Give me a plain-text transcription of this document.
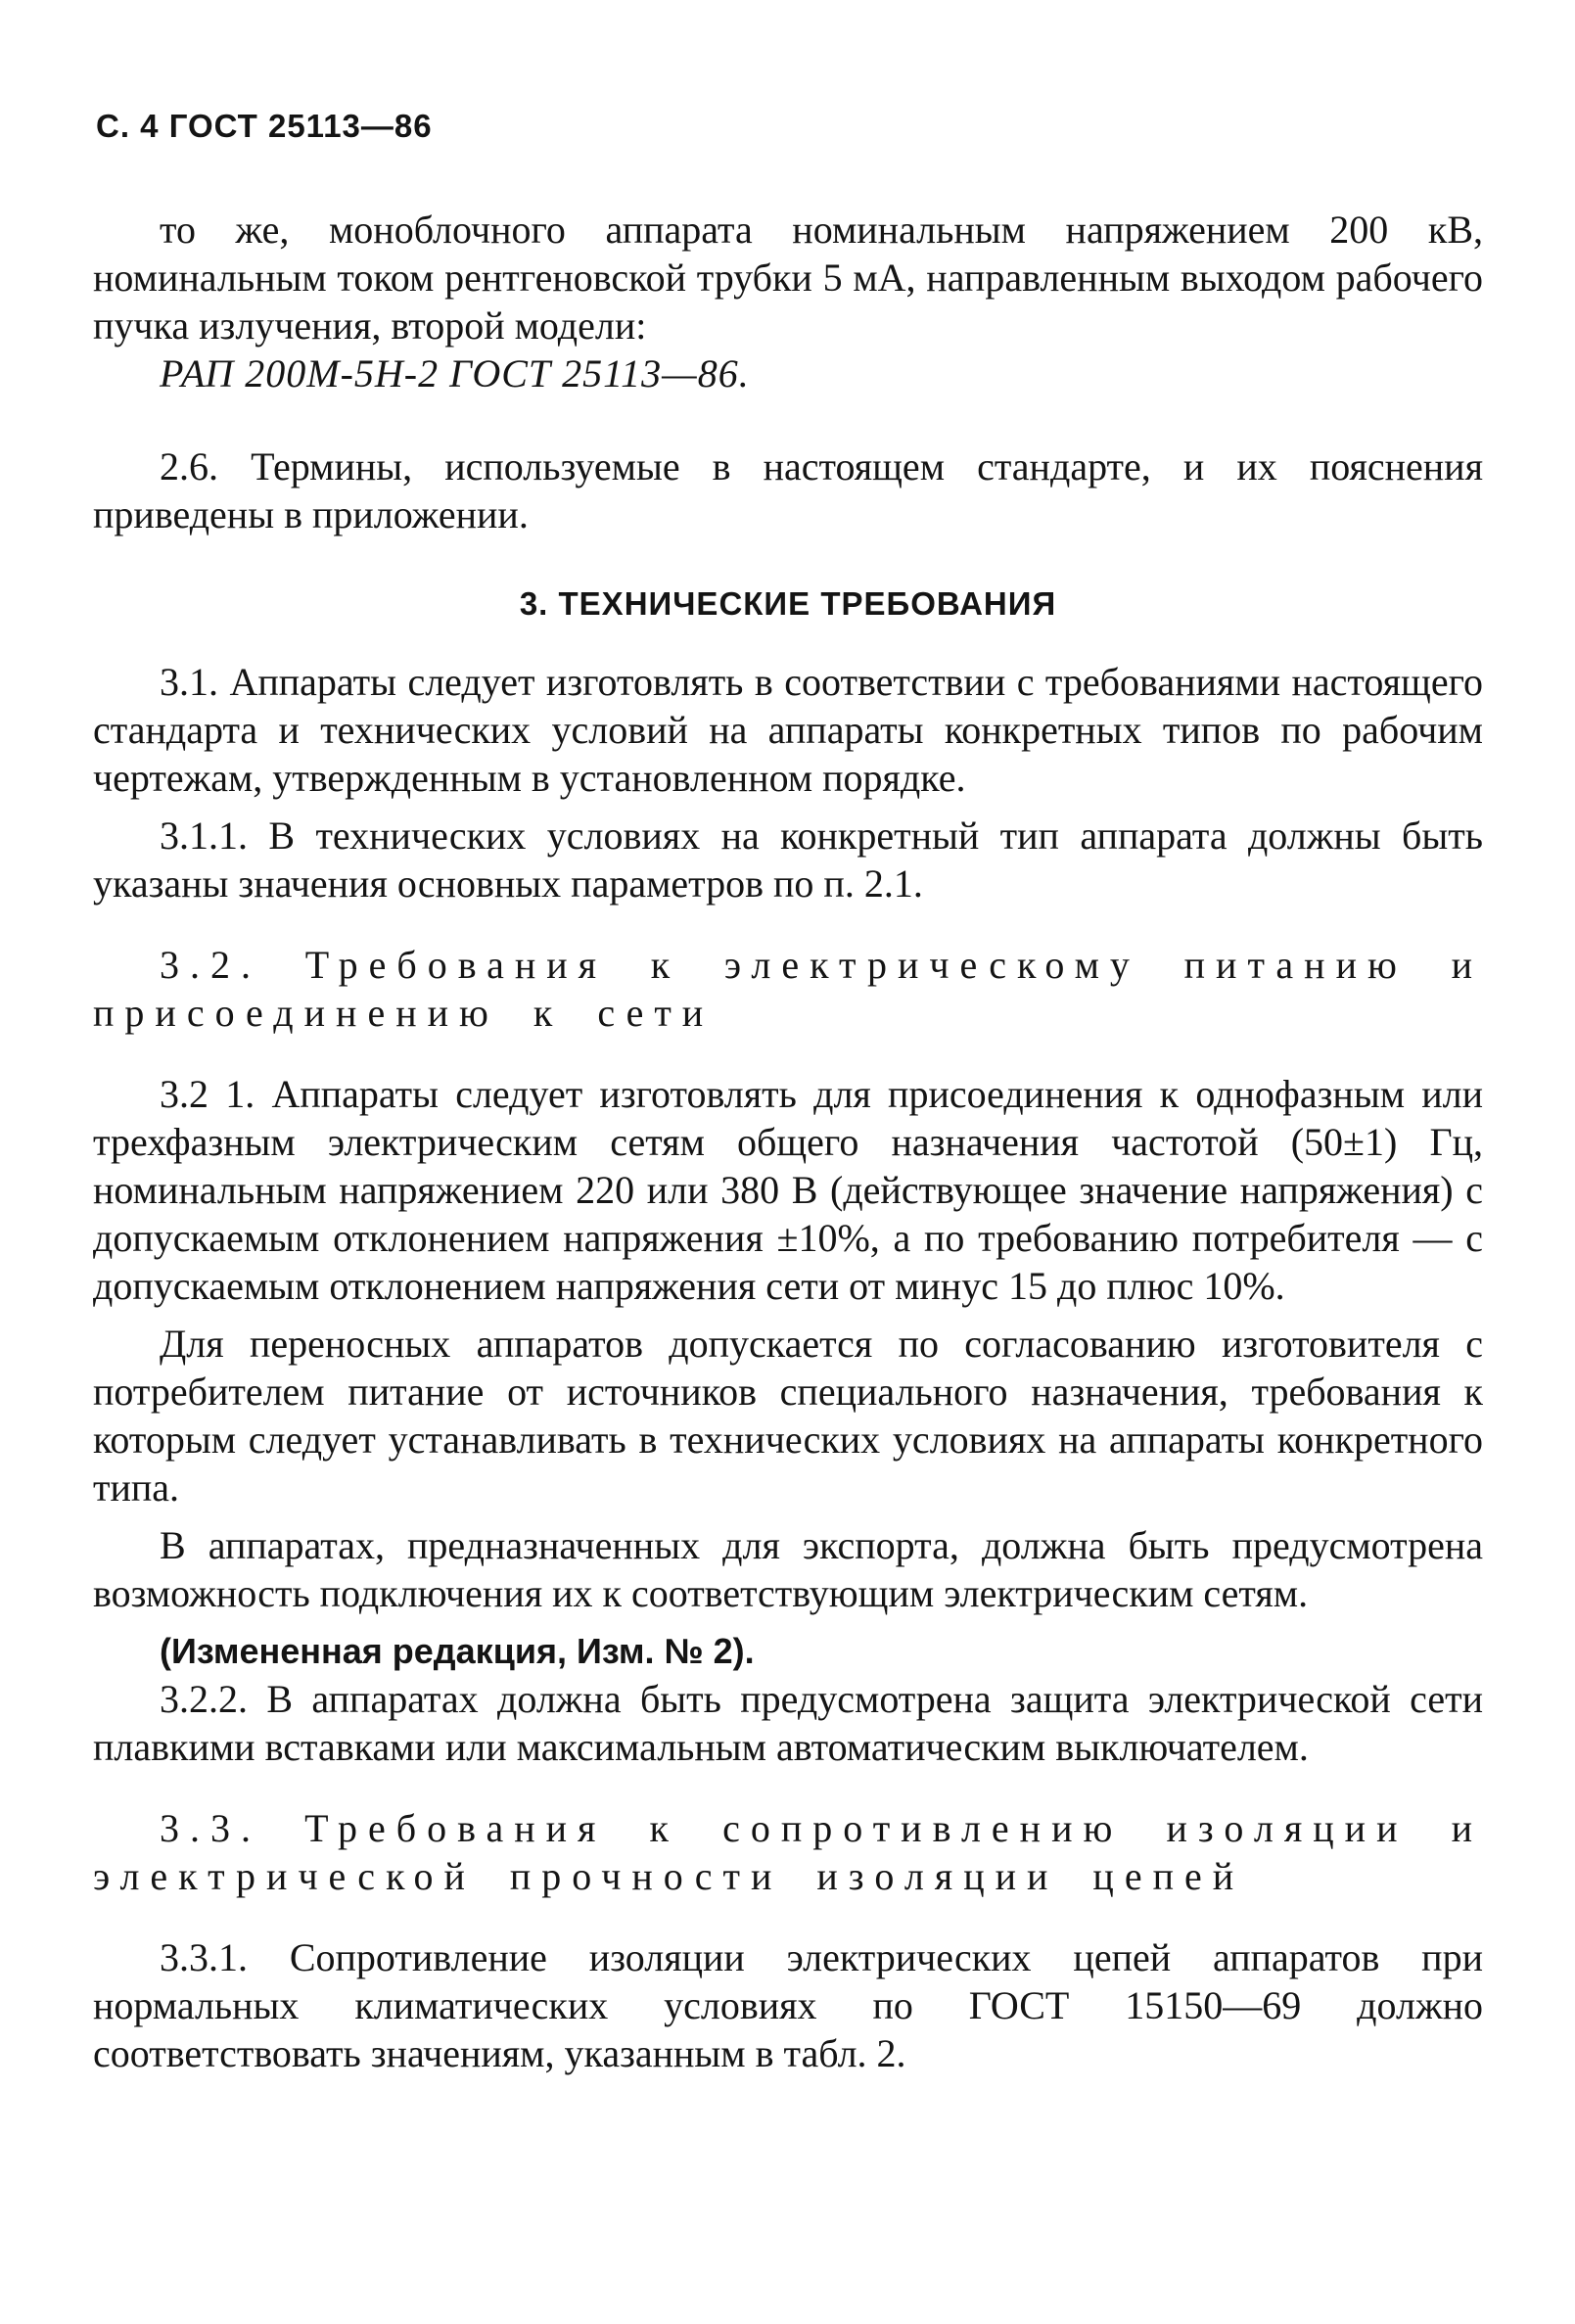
С. 4 ГОСТ 25113—86

то же, моноблочного аппарата номинальным напряжением 200 кВ, номинальным током рентгеновской трубки 5 мА, направленным выходом рабочего пучка излучения, второй модели:

РАП 200М-5Н-2 ГОСТ 25113—86.

2.6. Термины, используемые в настоящем стандарте, и их пояснения приведены в приложении.

3. ТЕХНИЧЕСКИЕ ТРЕБОВАНИЯ

3.1. Аппараты следует изготовлять в соответствии с требованиями настоящего стандарта и технических условий на аппараты конкретных типов по рабочим чертежам, утвержденным в установленном порядке.

3.1.1. В технических условиях на конкретный тип аппарата должны быть указаны значения основных параметров по п. 2.1.

3.2. Требования к электрическому питанию и присоединению к сети

3.2 1. Аппараты следует изготовлять для присоединения к однофазным или трехфазным электрическим сетям общего назначения частотой (50±1) Гц, номинальным напряжением 220 или 380 В (действующее значение напряжения) с допускаемым отклонением напряжения ±10%, а по требованию потребителя — с допускаемым отклонением напряжения сети от минус 15 до плюс 10%.

Для переносных аппаратов допускается по согласованию изготовителя с потребителем питание от источников специального назначения, требования к которым следует устанавливать в технических условиях на аппараты конкретного типа.

В аппаратах, предназначенных для экспорта, должна быть предусмотрена возможность подключения их к соответствующим электрическим сетям.

(Измененная редакция, Изм. № 2).

3.2.2. В аппаратах должна быть предусмотрена защита электрической сети плавкими вставками или максимальным автоматическим выключателем.

3.3. Требования к сопротивлению изоляции и электрической прочности изоляции цепей

3.3.1. Сопротивление изоляции электрических цепей аппаратов при нормальных климатических условиях по ГОСТ 15150—69 должно соответствовать значениям, указанным в табл. 2.
